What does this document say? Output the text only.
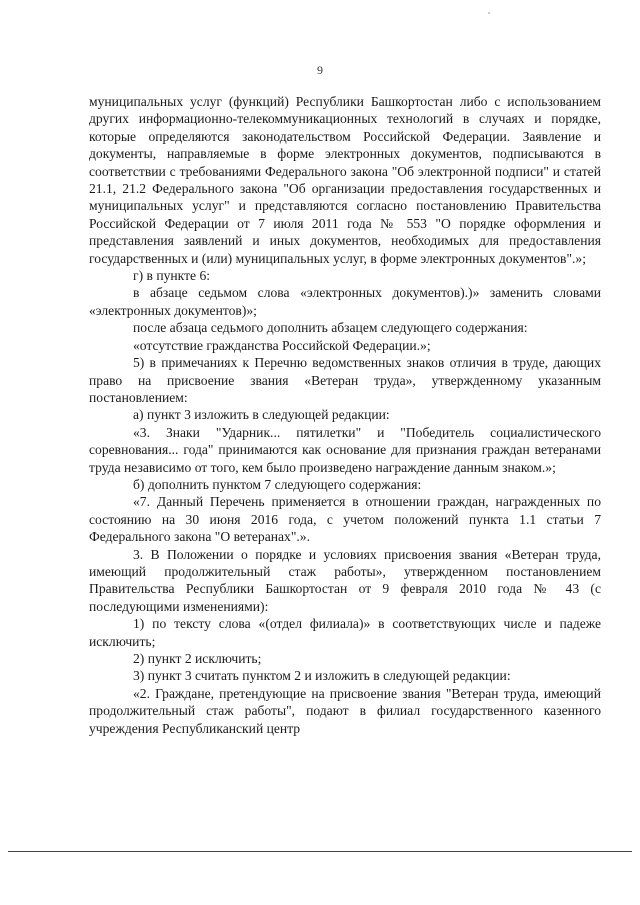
9

муниципальных услуг (функций) Республики Башкортостан либо с использованием других информационно-телекоммуникационных технологий в случаях и порядке, которые определяются законодательством Российской Федерации. Заявление и документы, направляемые в форме электронных документов, подписываются в соответствии с требованиями Федерального закона "Об электронной подписи" и статей 21.1, 21.2 Федерального закона "Об организации предоставления государственных и муниципальных услуг" и представляются согласно постановлению Правительства Российской Федерации от 7 июля 2011 года № 553 "О порядке оформления и представления заявлений и иных документов, необходимых для предоставления государственных и (или) муниципальных услуг, в форме электронных документов".»;

г) в пункте 6:

в абзаце седьмом слова «электронных документов).)» заменить словами «электронных документов)»;

после абзаца седьмого дополнить абзацем следующего содержания:

«отсутствие гражданства Российской Федерации.»;

5) в примечаниях к Перечню ведомственных знаков отличия в труде, дающих право на присвоение звания «Ветеран труда», утвержденному указанным постановлением:

а) пункт 3 изложить в следующей редакции:

«3. Знаки "Ударник... пятилетки" и "Победитель социалистического соревнования... года" принимаются как основание для признания граждан ветеранами труда независимо от того, кем было произведено награждение данным знаком.»;

б) дополнить пунктом 7 следующего содержания:

«7. Данный Перечень применяется в отношении граждан, награжденных по состоянию на 30 июня 2016 года, с учетом положений пункта 1.1 статьи 7 Федерального закона "О ветеранах".».

3. В Положении о порядке и условиях присвоения звания «Ветеран труда, имеющий продолжительный стаж работы», утвержденном постановлением Правительства Республики Башкортостан от 9 февраля 2010 года № 43 (с последующими изменениями):

1) по тексту слова «(отдел филиала)» в соответствующих числе и падеже исключить;

2) пункт 2 исключить;

3) пункт 3 считать пунктом 2 и изложить в следующей редакции:

«2. Граждане, претендующие на присвоение звания "Ветеран труда, имеющий продолжительный стаж работы", подают в филиал государственного казенного учреждения Республиканский центр
